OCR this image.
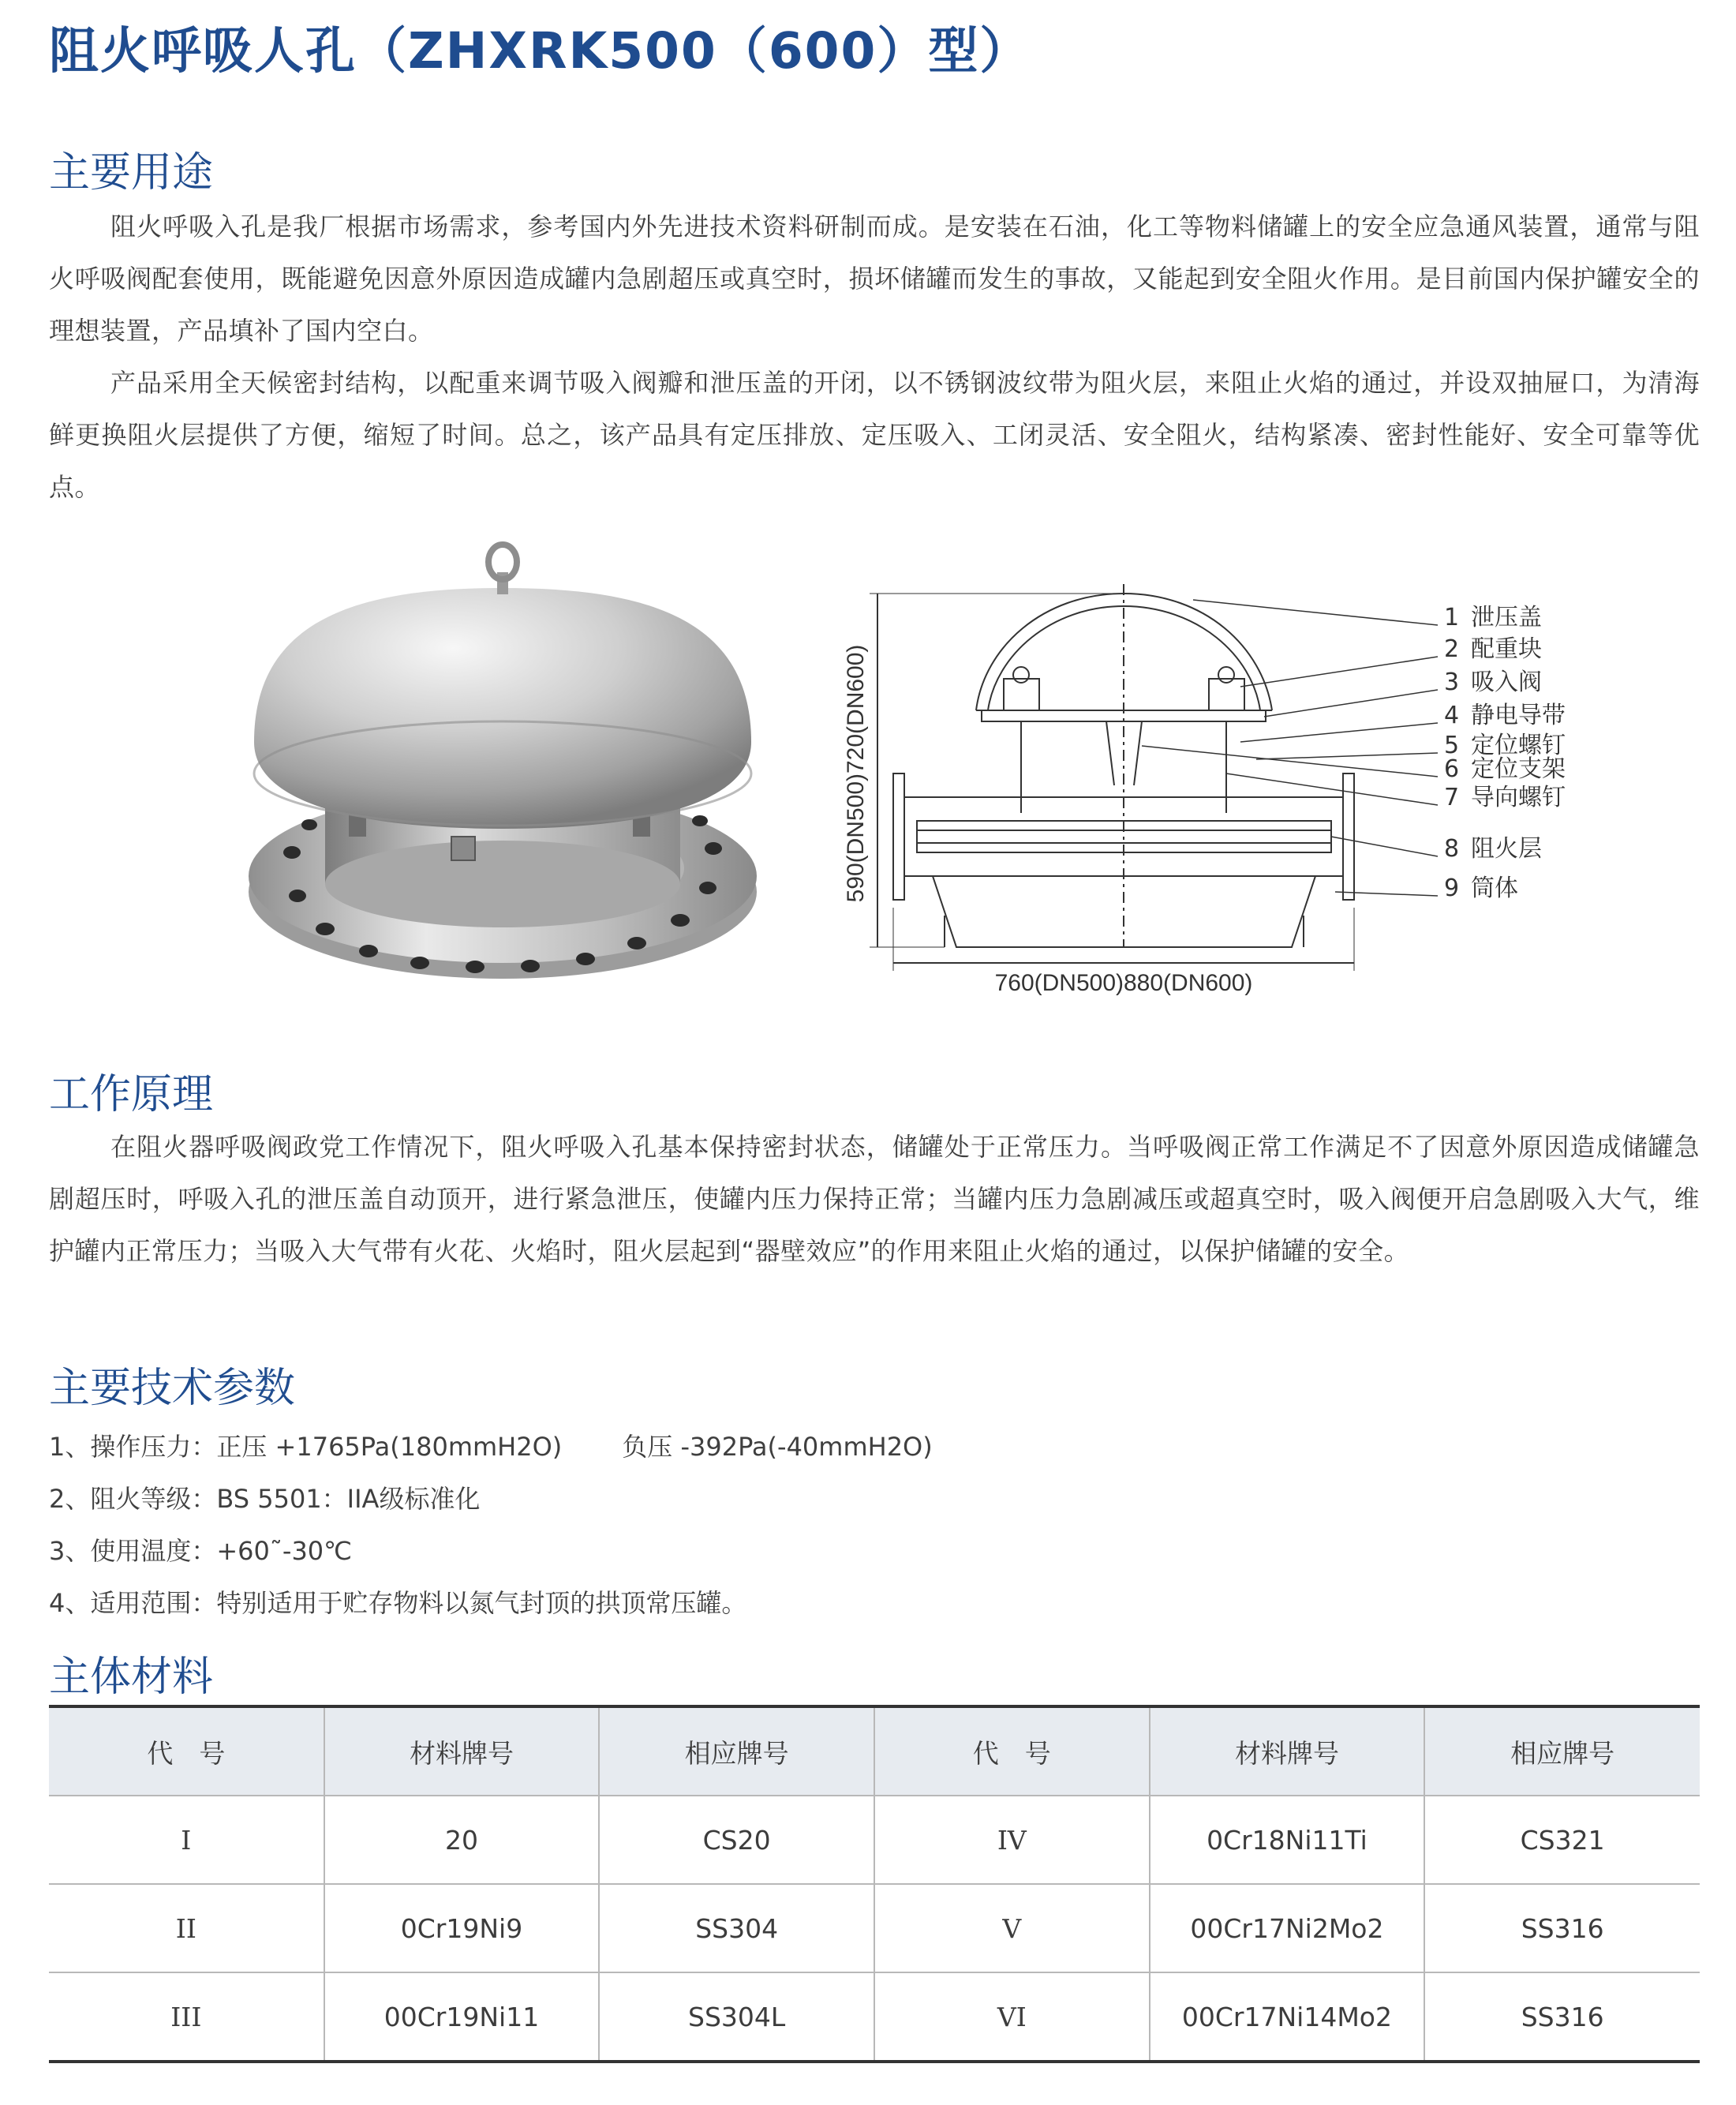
阻火呼吸人孔（ZHXRK500（600）型）
主要用途

阻火呼吸入孔是我厂根据市场需求，参考国内外先进技术资料研制而成。是安装在石油，化工等物料储罐上的安全应急通风装置，通常与阻火呼吸阀配套使用，既能避免因意外原因造成罐内急剧超压或真空时，损坏储罐而发生的事故，又能起到安全阻火作用。是目前国内保护罐安全的理想装置，产品填补了国内空白。

产品采用全天候密封结构，以配重来调节吸入阀瓣和泄压盖的开闭，以不锈钢波纹带为阻火层，来阻止火焰的通过，并设双抽屉口，为清海鲜更换阻火层提供了方便，缩短了时间。总之，该产品具有定压排放、定压吸入、工闭灵活、安全阻火，结构紧凑、密封性能好、安全可靠等优点。

590(DN500)720(DN600)
760(DN500)880(DN600)
1 泄压盖
2 配重块
3 吸入阀
4 静电导带
5 定位螺钉
6 定位支架
7 导向螺钉
8 阻火层
9 筒体
工作原理

在阻火器呼吸阀政党工作情况下，阻火呼吸入孔基本保持密封状态，储罐处于正常压力。当呼吸阀正常工作满足不了因意外原因造成储罐急剧超压时，呼吸入孔的泄压盖自动顶开，进行紧急泄压，使罐内压力保持正常；当罐内压力急剧减压或超真空时，吸入阀便开启急剧吸入大气，维护罐内正常压力；当吸入大气带有火花、火焰时，阻火层起到“器壁效应”的作用来阻止火焰的通过，以保护储罐的安全。

主要技术参数

1、操作压力：正压 +1765Pa(180mmH2O) 负压 -392Pa(-40mmH2O)

2、阻火等级：BS 5501：IIA级标准化

3、使用温度：+60˜-30℃

4、适用范围：特别适用于贮存物料以氮气封顶的拱顶常压罐。

主体材料
代　号	材料牌号	相应牌号	代　号	材料牌号	相应牌号
I	20	CS20	IV	0Cr18Ni11Ti	CS321
II	0Cr19Ni9	SS304	V	00Cr17Ni2Mo2	SS316
III	00Cr19Ni11	SS304L	VI	00Cr17Ni14Mo2	SS316
